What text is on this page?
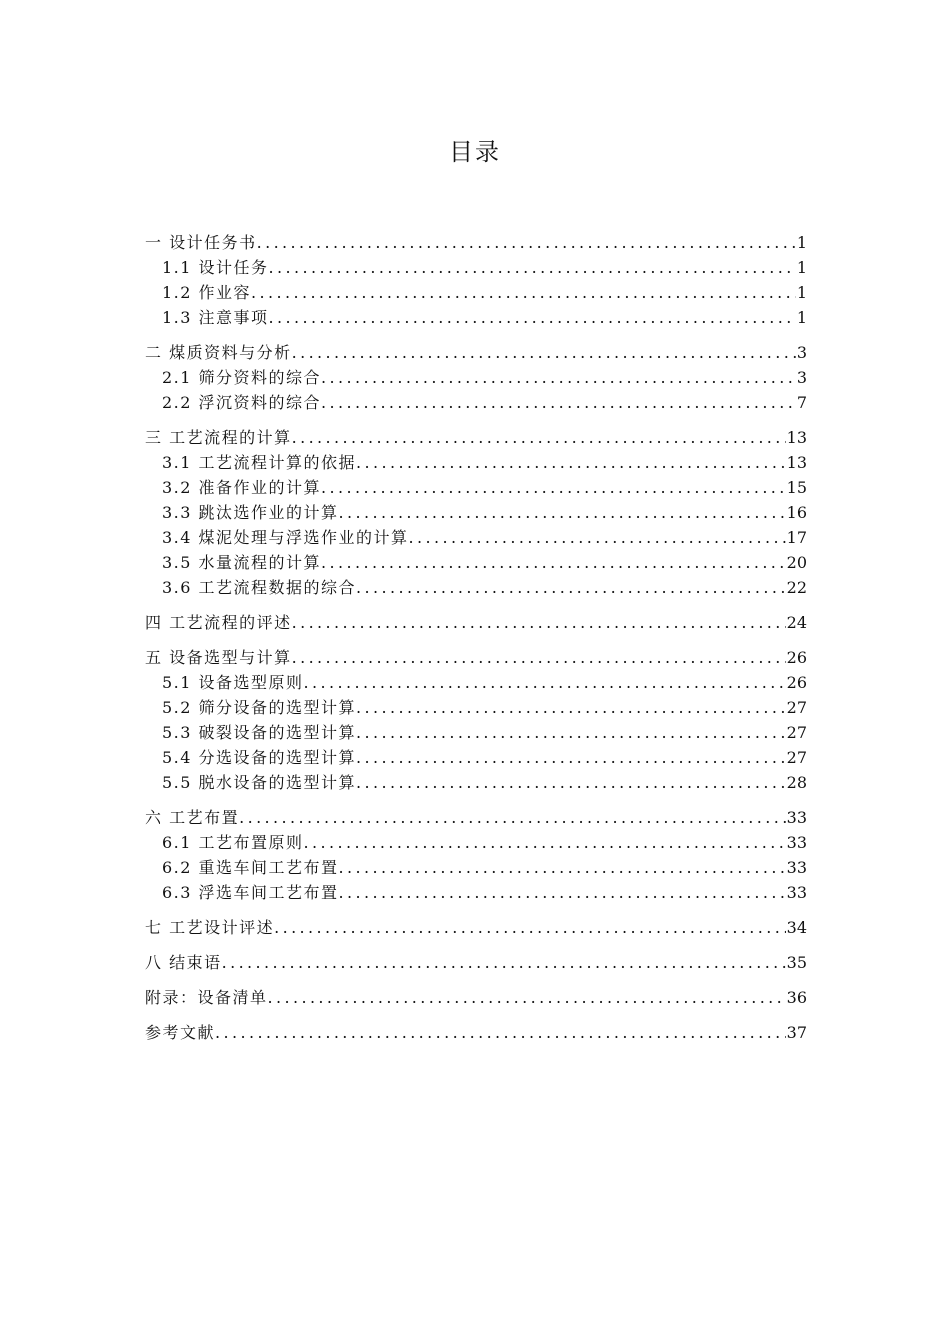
目录
一 设计任务书 .....	1
1.1 设计任务 .....	1
1.2 作业容 .....	1
1.3 注意事项 .....	1
二 煤质资料与分析 .....	3
2.1 筛分资料的综合 .....	3
2.2 浮沉资料的综合 .....	7
三 工艺流程的计算 .....	13
3.1 工艺流程计算的依据 .....	13
3.2 准备作业的计算 .....	15
3.3 跳汰选作业的计算 .....	16
3.4 煤泥处理与浮选作业的计算 .....	17
3.5 水量流程的计算 .....	20
3.6 工艺流程数据的综合 .....	22
四 工艺流程的评述 .....	24
五 设备选型与计算 .....	26
5.1 设备选型原则 .....	26
5.2 筛分设备的选型计算 .....	27
5.3 破裂设备的选型计算 .....	27
5.4 分选设备的选型计算 .....	27
5.5 脱水设备的选型计算 .....	28
六 工艺布置 .....	33
6.1 工艺布置原则 .....	33
6.2 重选车间工艺布置 .....	33
6.3 浮选车间工艺布置 .....	33
七 工艺设计评述 .....	34
八 结束语 .....	35
附录：设备清单 .....	36
参考文献 .....	37
